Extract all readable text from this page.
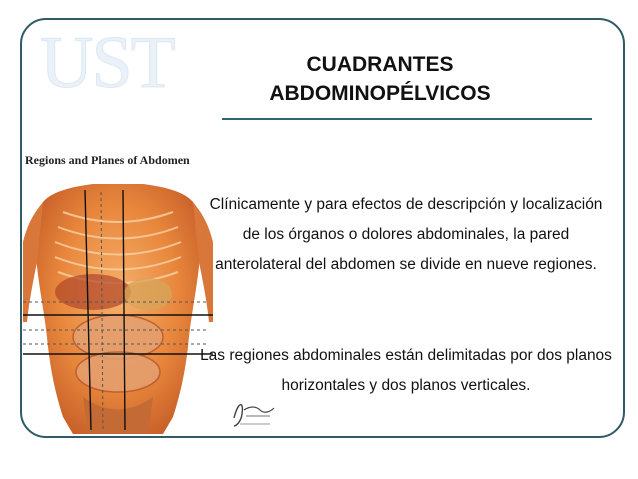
UST	CUADRANTES
ABDOMINOPÉLVICOS
Regions and Planes of Abdomen
Clínicamente y para efectos de descripción y localización de los órganos o dolores abdominales, la pared anterolateral del abdomen se divide en nueve regiones.
Las regiones abdominales están delimitadas por dos planos horizontales y dos planos verticales.
